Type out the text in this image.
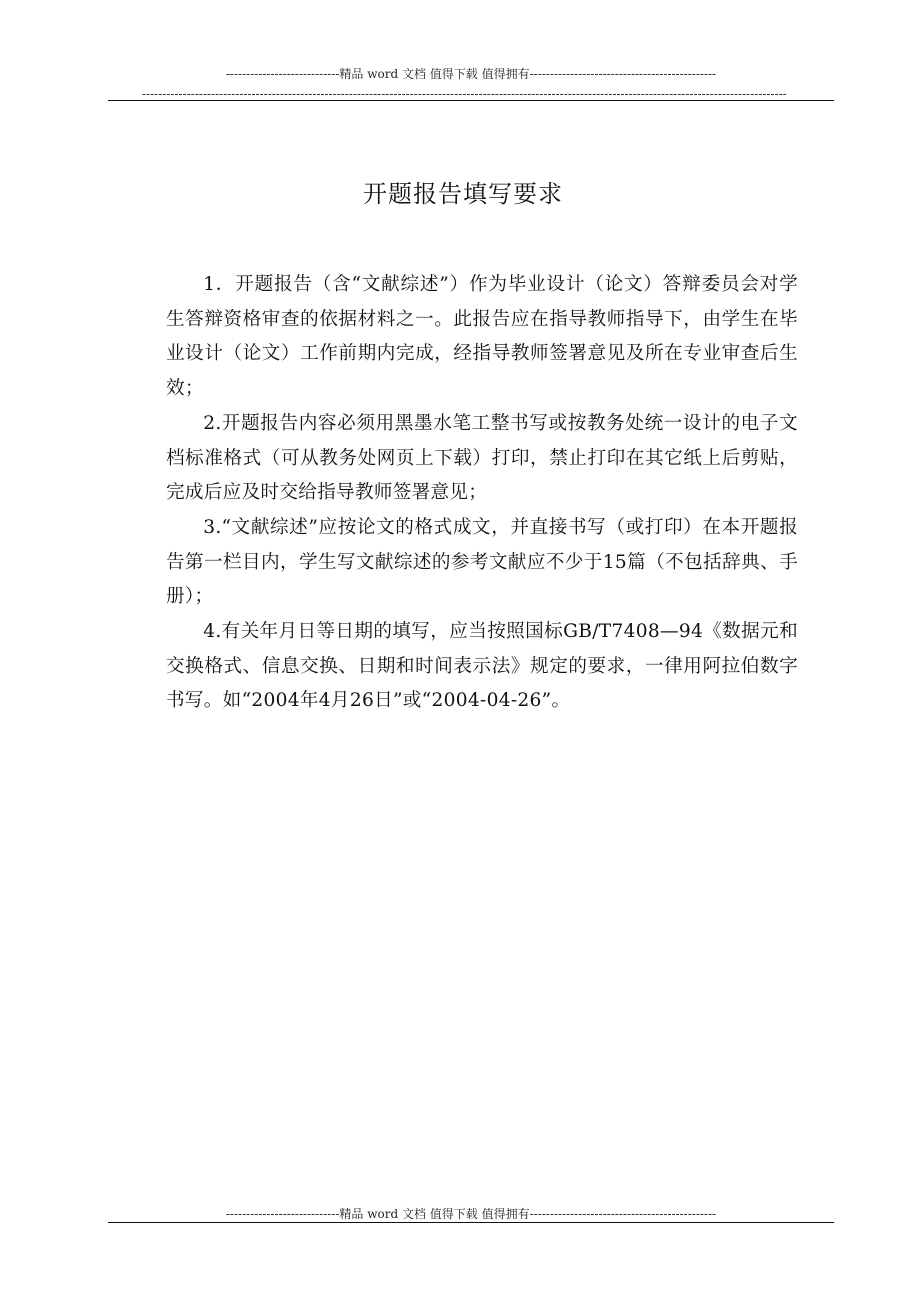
----------------------------精品 word 文档 值得下载 值得拥有----------------------------------------------
---------------------------------------------------------------------------------------------------------------------------------------------------------------
开题报告填写要求

1．开题报告（含“文献综述”）作为毕业设计（论文）答辩委员会对学生答辩资格审查的依据材料之一。此报告应在指导教师指导下，由学生在毕业设计（论文）工作前期内完成，经指导教师签署意见及所在专业审查后生效；

2.开题报告内容必须用黑墨水笔工整书写或按教务处统一设计的电子文档标准格式（可从教务处网页上下载）打印，禁止打印在其它纸上后剪贴，完成后应及时交给指导教师签署意见；

3.“文献综述”应按论文的格式成文，并直接书写（或打印）在本开题报告第一栏目内，学生写文献综述的参考文献应不少于15篇（不包括辞典、手册）；

4.有关年月日等日期的填写，应当按照国标GB/T7408—94《数据元和交换格式、信息交换、日期和时间表示法》规定的要求，一律用阿拉伯数字书写。如“2004年4月26日”或“2004-04-26”。

----------------------------精品 word 文档 值得下载 值得拥有----------------------------------------------
